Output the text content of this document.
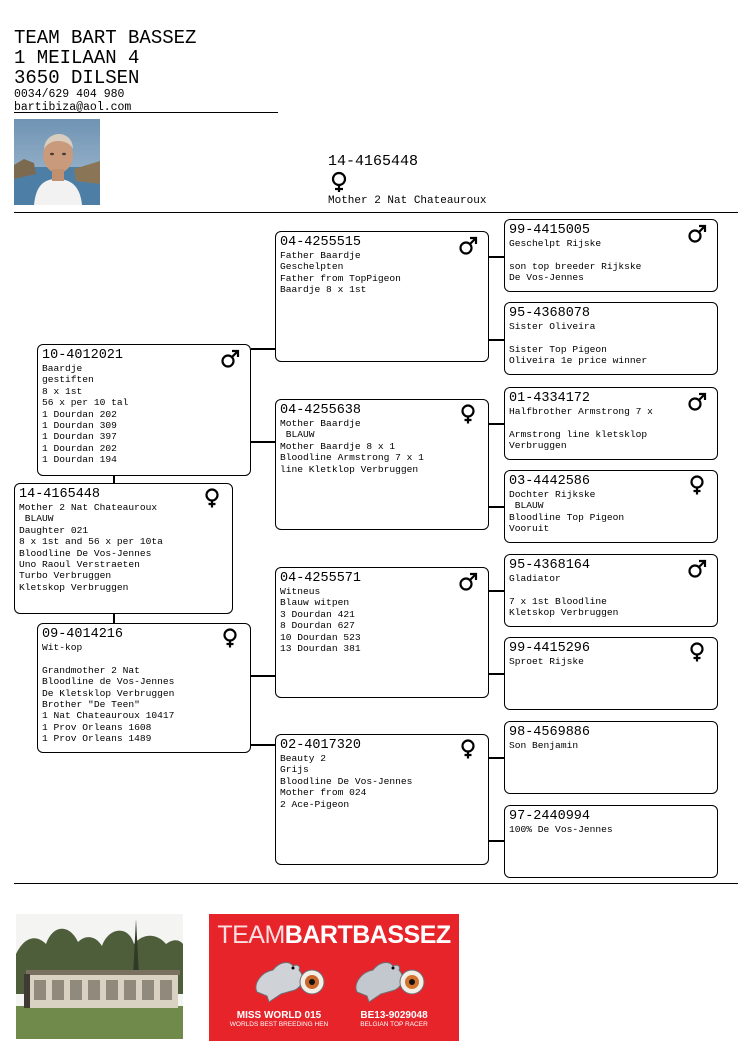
TEAM BART BASSEZ
1 MEILAAN 4
3650 DILSEN
0034/629 404 980
bartibiza@aol.com
14-4165448
Mother 2 Nat Chateauroux
14-4165448
Mother 2 Nat Chateauroux
BLAUW
Daughter 021
8 x 1st and 56 x per 10ta
Bloodline De Vos-Jennes
Uno Raoul Verstraeten
Turbo Verbruggen
Kletskop Verbruggen
10-4012021
Baardje
gestiften
8 x 1st
56 x per 10 tal
1 Dourdan 202
1 Dourdan 309
1 Dourdan 397
1 Dourdan 202
1 Dourdan 194
09-4014216
Wit-kop
Grandmother 2 Nat
Bloodline de Vos-Jennes
De Kletsklop Verbruggen
Brother "De Teen"
1 Nat Chateauroux 10417
1 Prov Orleans 1608
1 Prov Orleans 1489
04-4255515
Father Baardje
Geschelpten
Father from TopPigeon
Baardje 8 x 1st
04-4255638
Mother Baardje
BLAUW
Mother Baardje 8 x 1
Bloodline Armstrong 7 x 1
line Kletklop Verbruggen
04-4255571
Witneus
Blauw witpen
3 Dourdan 421
8 Dourdan 627
10 Dourdan 523
13 Dourdan 381
02-4017320
Beauty 2
Grijs
Bloodline De Vos-Jennes
Mother from 024
2 Ace-Pigeon
99-4415005
Geschelpt Rijske
son top breeder Rijkske
De Vos-Jennes
95-4368078
Sister Oliveira
Sister Top Pigeon
Oliveira 1e price winner
01-4334172
Halfbrother Armstrong 7 x
Armstrong line kletsklop
Verbruggen
03-4442586
Dochter Rijkske
BLAUW
Bloodline Top Pigeon
Vooruit
95-4368164
Gladiator
7 x 1st Bloodline
Kletskop Verbruggen
99-4415296
Sproet Rijske
98-4569886
Son Benjamin
97-2440994
100% De Vos-Jennes
TEAMBARTBASSEZ
MISS WORLD 015
WORLDS BEST BREEDING HEN
BE13-9029048
BELGIAN TOP RACER
